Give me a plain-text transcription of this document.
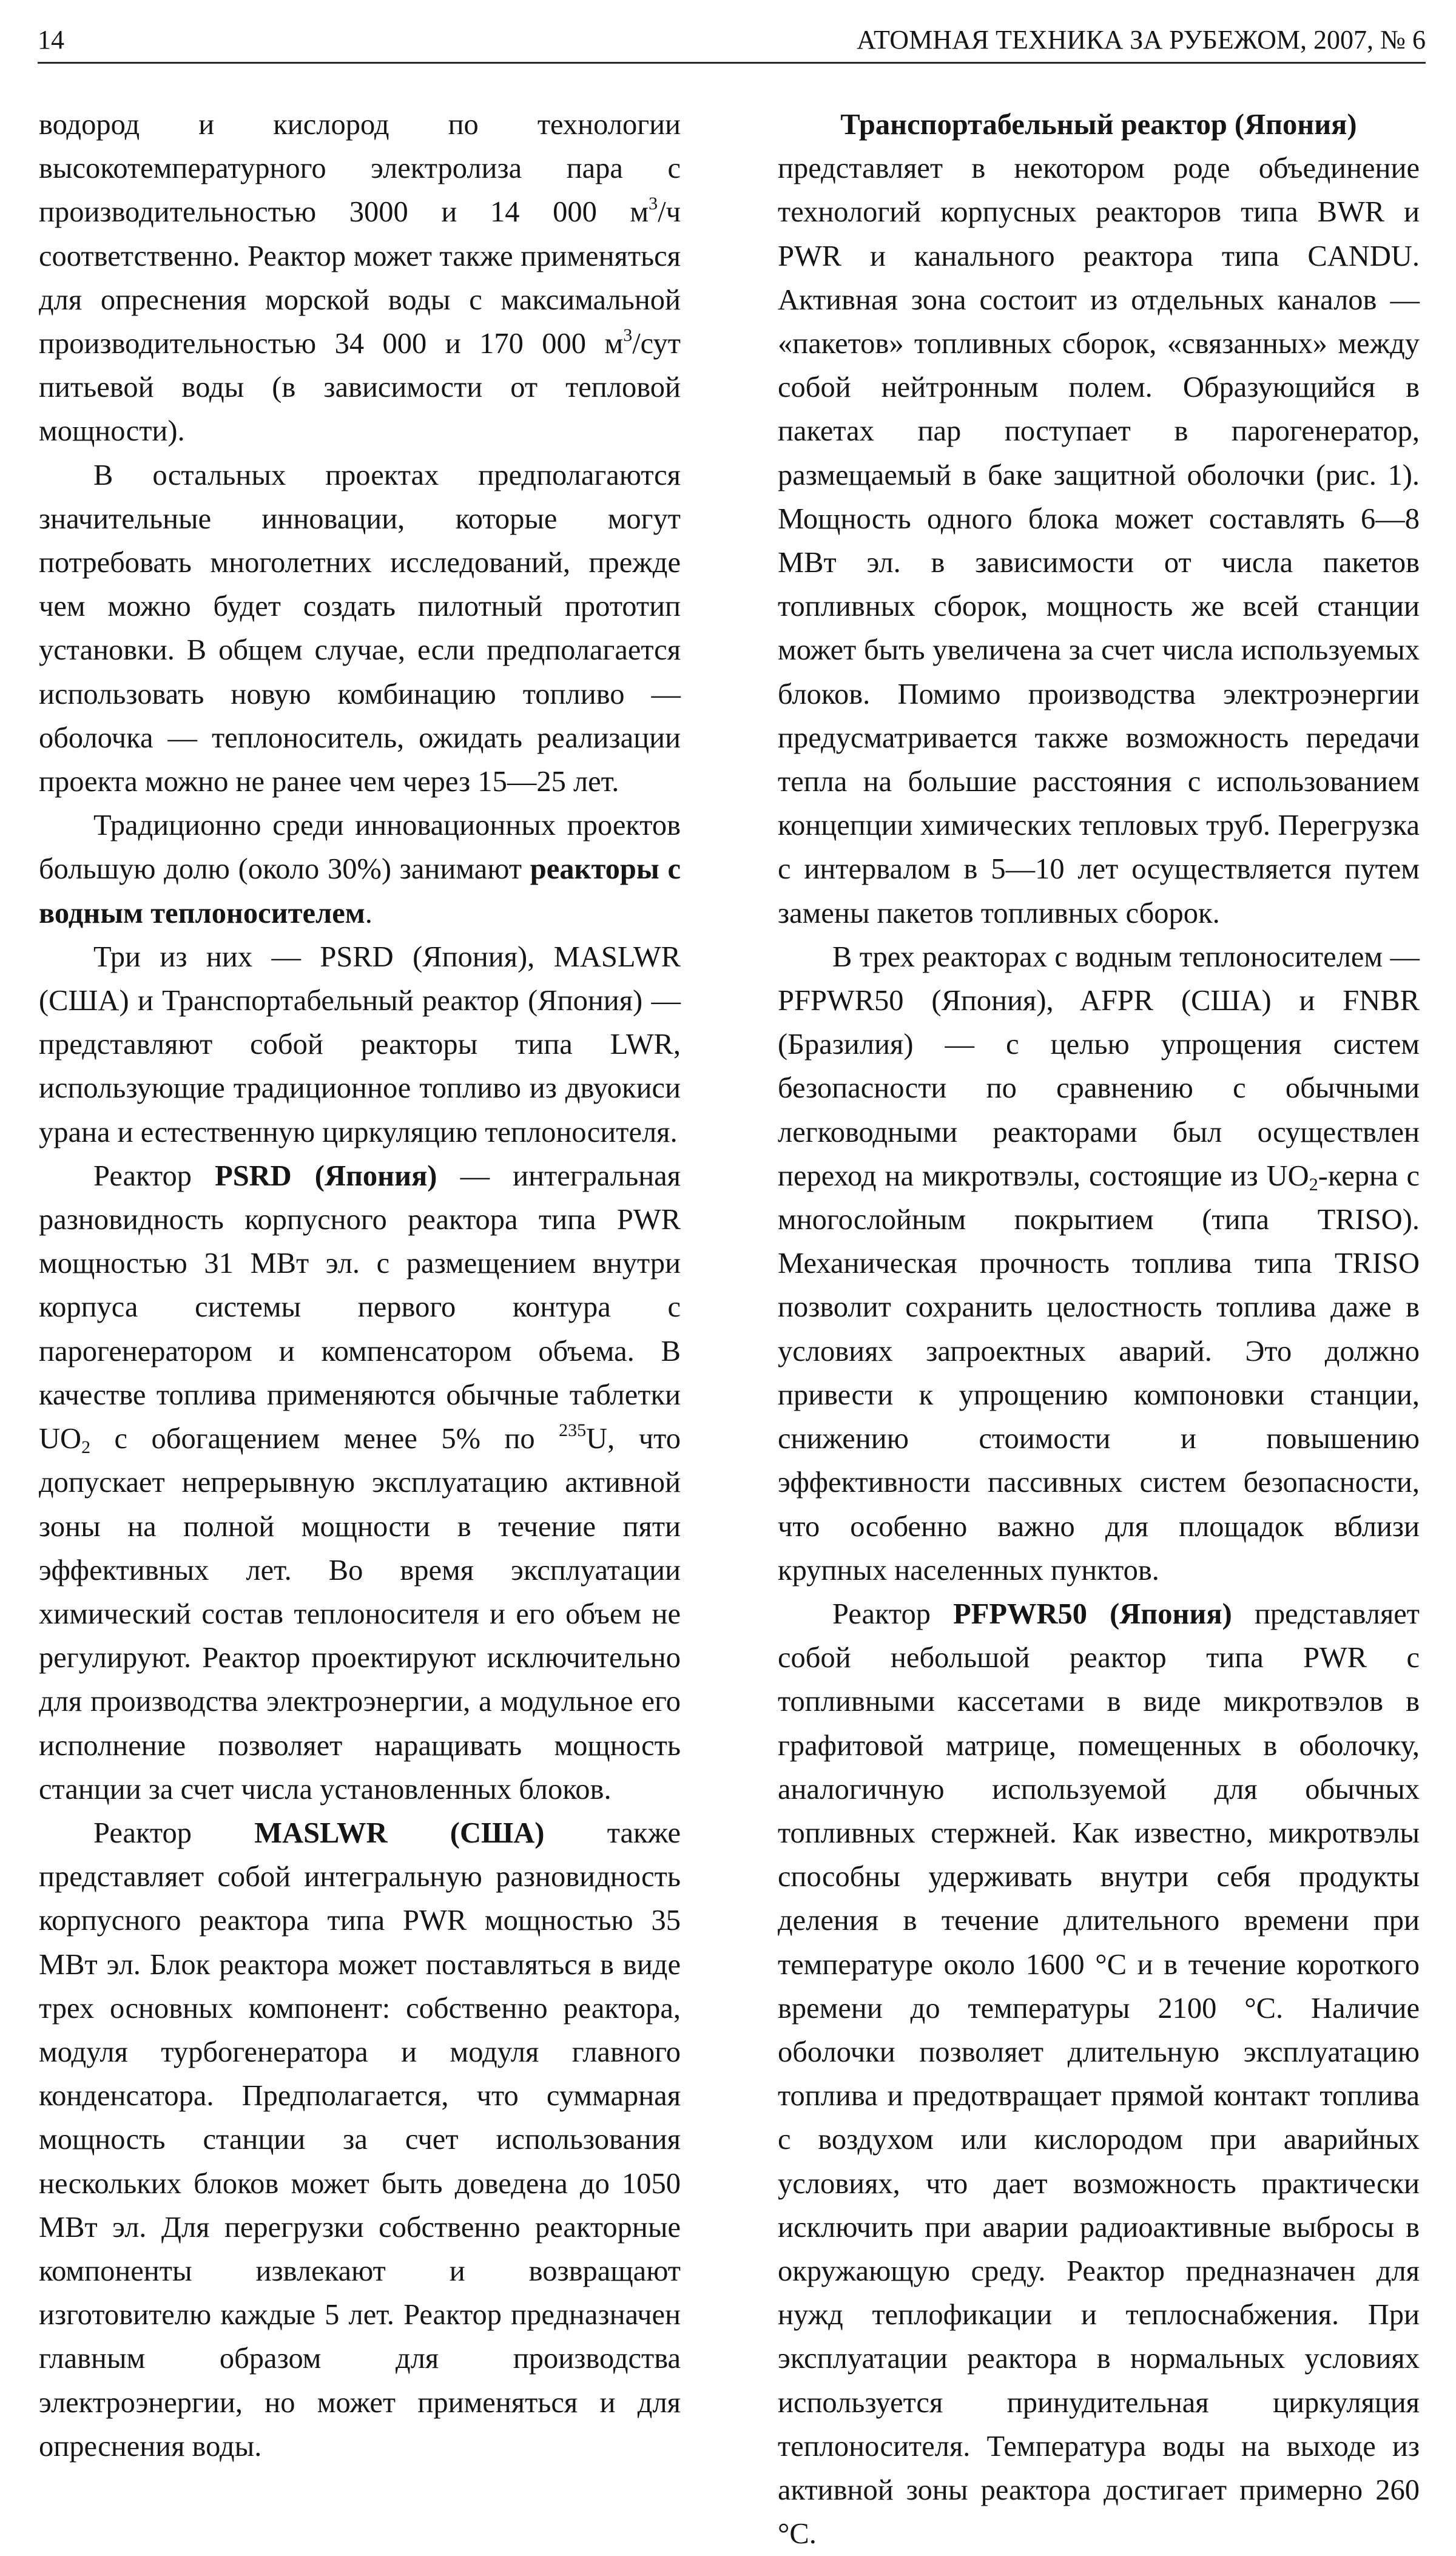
14	АТОМНАЯ ТЕХНИКА ЗА РУБЕЖОМ, 2007, № 6

водород и кислород по технологии высокотемпературного электролиза пара с производительностью 3000 и 14 000 $м^3/ч$ соответственно. Реактор может также применяться для опреснения морской воды с максимальной производительностью 34 000 и 170 000 $м^3$/сут питьевой воды (в зависимости от тепловой мощности).

В остальных проектах предполагаются значительные инновации, которые могут потребовать многолетних исследований, прежде чем можно будет создать пилотный прототип установки. В общем случае, если предполагается использовать новую комбинацию топливо — оболочка — теплоноситель, ожидать реализации проекта можно не ранее чем через 15—25 лет.

Традиционно среди инновационных проектов большую долю (около 30%) занимают реакторы с водным теплоносителем.

Три из них — PSRD (Япония), MASLWR (США) и Транспортабельный реактор (Япония) — представляют собой реакторы типа LWR, использующие традиционное топливо из двуокиси урана и естественную циркуляцию теплоносителя.

Реактор PSRD (Япония) — интегральная разновидность корпусного реактора типа PWR мощностью 31 МВт эл. с размещением внутри корпуса системы первого контура с парогенератором и компенсатором объема. В качестве топлива применяются обычные таблетки $UO_2$ с обогащением менее 5% по $^{235}$U, что допускает непрерывную эксплуатацию активной зоны на полной мощности в течение пяти эффективных лет. Во время эксплуатации химический состав теплоносителя и его объем не регулируют. Реактор проектируют исключительно для производства электроэнергии, а модульное его исполнение позволяет наращивать мощность станции за счет числа установленных блоков.

Реактор MASLWR (США) также представляет собой интегральную разновидность корпусного реактора типа PWR мощностью 35 МВт эл. Блок реактора может поставляться в виде трех основных компонент: собственно реактора, модуля турбогенератора и модуля главного конденсатора. Предполагается, что суммарная мощность станции за счет использования нескольких блоков может быть доведена до 1050 МВт эл. Для перегрузки собственно реакторные компоненты извлекают и возвращают изготовителю каждые 5 лет. Реактор предназначен главным образом для производства электроэнергии, но может применяться и для опреснения воды.

Транспортабельный реактор (Япония)

представляет в некотором роде объединение технологий корпусных реакторов типа BWR и PWR и канального реактора типа CANDU. Активная зона состоит из отдельных каналов — «пакетов» топливных сборок, «связанных» между собой нейтронным полем. Образующийся в пакетах пар поступает в парогенератор, размещаемый в баке защитной оболочки (рис. 1). Мощность одного блока может составлять 6—8 МВт эл. в зависимости от числа пакетов топливных сборок, мощность же всей станции может быть увеличена за счет числа используемых блоков. Помимо производства электроэнергии предусматривается также возможность передачи тепла на большие расстояния с использованием концепции химических тепловых труб. Перегрузка с интервалом в 5—10 лет осуществляется путем замены пакетов топливных сборок.

В трех реакторах с водным теплоносителем — PFPWR50 (Япония), AFPR (США) и FNBR (Бразилия) — с целью упрощения систем безопасности по сравнению с обычными легководными реакторами был осуществлен переход на микротвэлы, состоящие из $UO_2$-керна с многослойным покрытием (типа TRISO). Механическая прочность топлива типа TRISO позволит сохранить целостность топлива даже в условиях запроектных аварий. Это должно привести к упрощению компоновки станции, снижению стоимости и повышению эффективности пассивных систем безопасности, что особенно важно для площадок вблизи крупных населенных пунктов.

Реактор PFPWR50 (Япония) представляет собой небольшой реактор типа PWR с топливными кассетами в виде микротвэлов в графитовой матрице, помещенных в оболочку, аналогичную используемой для обычных топливных стержней. Как известно, микротвэлы способны удерживать внутри себя продукты деления в течение длительного времени при температуре около 1600 °С и в течение короткого времени до температуры 2100 °С. Наличие оболочки позволяет длительную эксплуатацию топлива и предотвращает прямой контакт топлива с воздухом или кислородом при аварийных условиях, что дает возможность практически исключить при аварии радиоактивные выбросы в окружающую среду. Реактор предназначен для нужд теплофикации и теплоснабжения. При эксплуатации реактора в нормальных условиях используется принудительная циркуляция теплоносителя. Температура воды на выходе из активной зоны реактора достигает примерно 260 °С.
